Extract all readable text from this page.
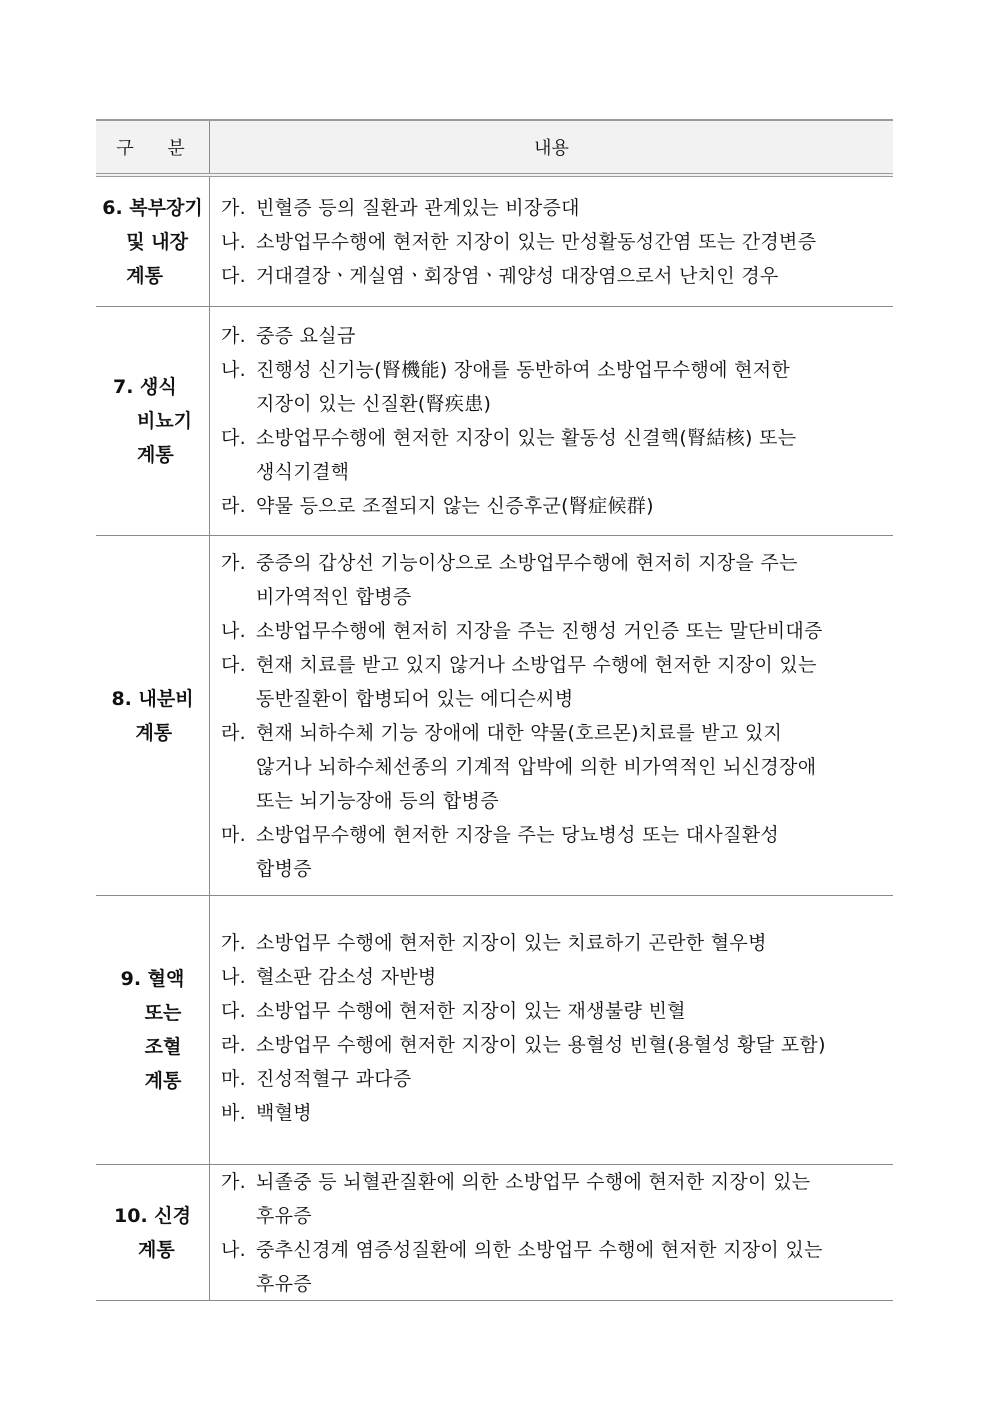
구 분	내용
6. 복부장기
및 내장
계통
가. 빈혈증 등의 질환과 관계있는 비장증대
나. 소방업무수행에 현저한 지장이 있는 만성활동성간염 또는 간경변증
다. 거대결장ㆍ게실염ㆍ회장염ㆍ궤양성 대장염으로서 난치인 경우
7. 생식
비뇨기
계통
가. 중증 요실금
나. 진행성 신기능(腎機能) 장애를 동반하여 소방업무수행에 현저한
지장이 있는 신질환(腎疾患)
다. 소방업무수행에 현저한 지장이 있는 활동성 신결핵(腎結核) 또는
생식기결핵
라. 약물 등으로 조절되지 않는 신증후군(腎症候群)
8. 내분비
계통
가. 중증의 갑상선 기능이상으로 소방업무수행에 현저히 지장을 주는
비가역적인 합병증
나. 소방업무수행에 현저히 지장을 주는 진행성 거인증 또는 말단비대증
다. 현재 치료를 받고 있지 않거나 소방업무 수행에 현저한 지장이 있는
동반질환이 합병되어 있는 에디슨씨병
라. 현재 뇌하수체 기능 장애에 대한 약물(호르몬)치료를 받고 있지
않거나 뇌하수체선종의 기계적 압박에 의한 비가역적인 뇌신경장애
또는 뇌기능장애 등의 합병증
마. 소방업무수행에 현저한 지장을 주는 당뇨병성 또는 대사질환성
합병증
9. 혈액
또는
조혈
계통
가. 소방업무 수행에 현저한 지장이 있는 치료하기 곤란한 혈우병
나. 혈소판 감소성 자반병
다. 소방업무 수행에 현저한 지장이 있는 재생불량 빈혈
라. 소방업무 수행에 현저한 지장이 있는 용혈성 빈혈(용혈성 황달 포함)
마. 진성적혈구 과다증
바. 백혈병
10. 신경
계통
가. 뇌졸중 등 뇌혈관질환에 의한 소방업무 수행에 현저한 지장이 있는
후유증
나. 중추신경계 염증성질환에 의한 소방업무 수행에 현저한 지장이 있는
후유증
